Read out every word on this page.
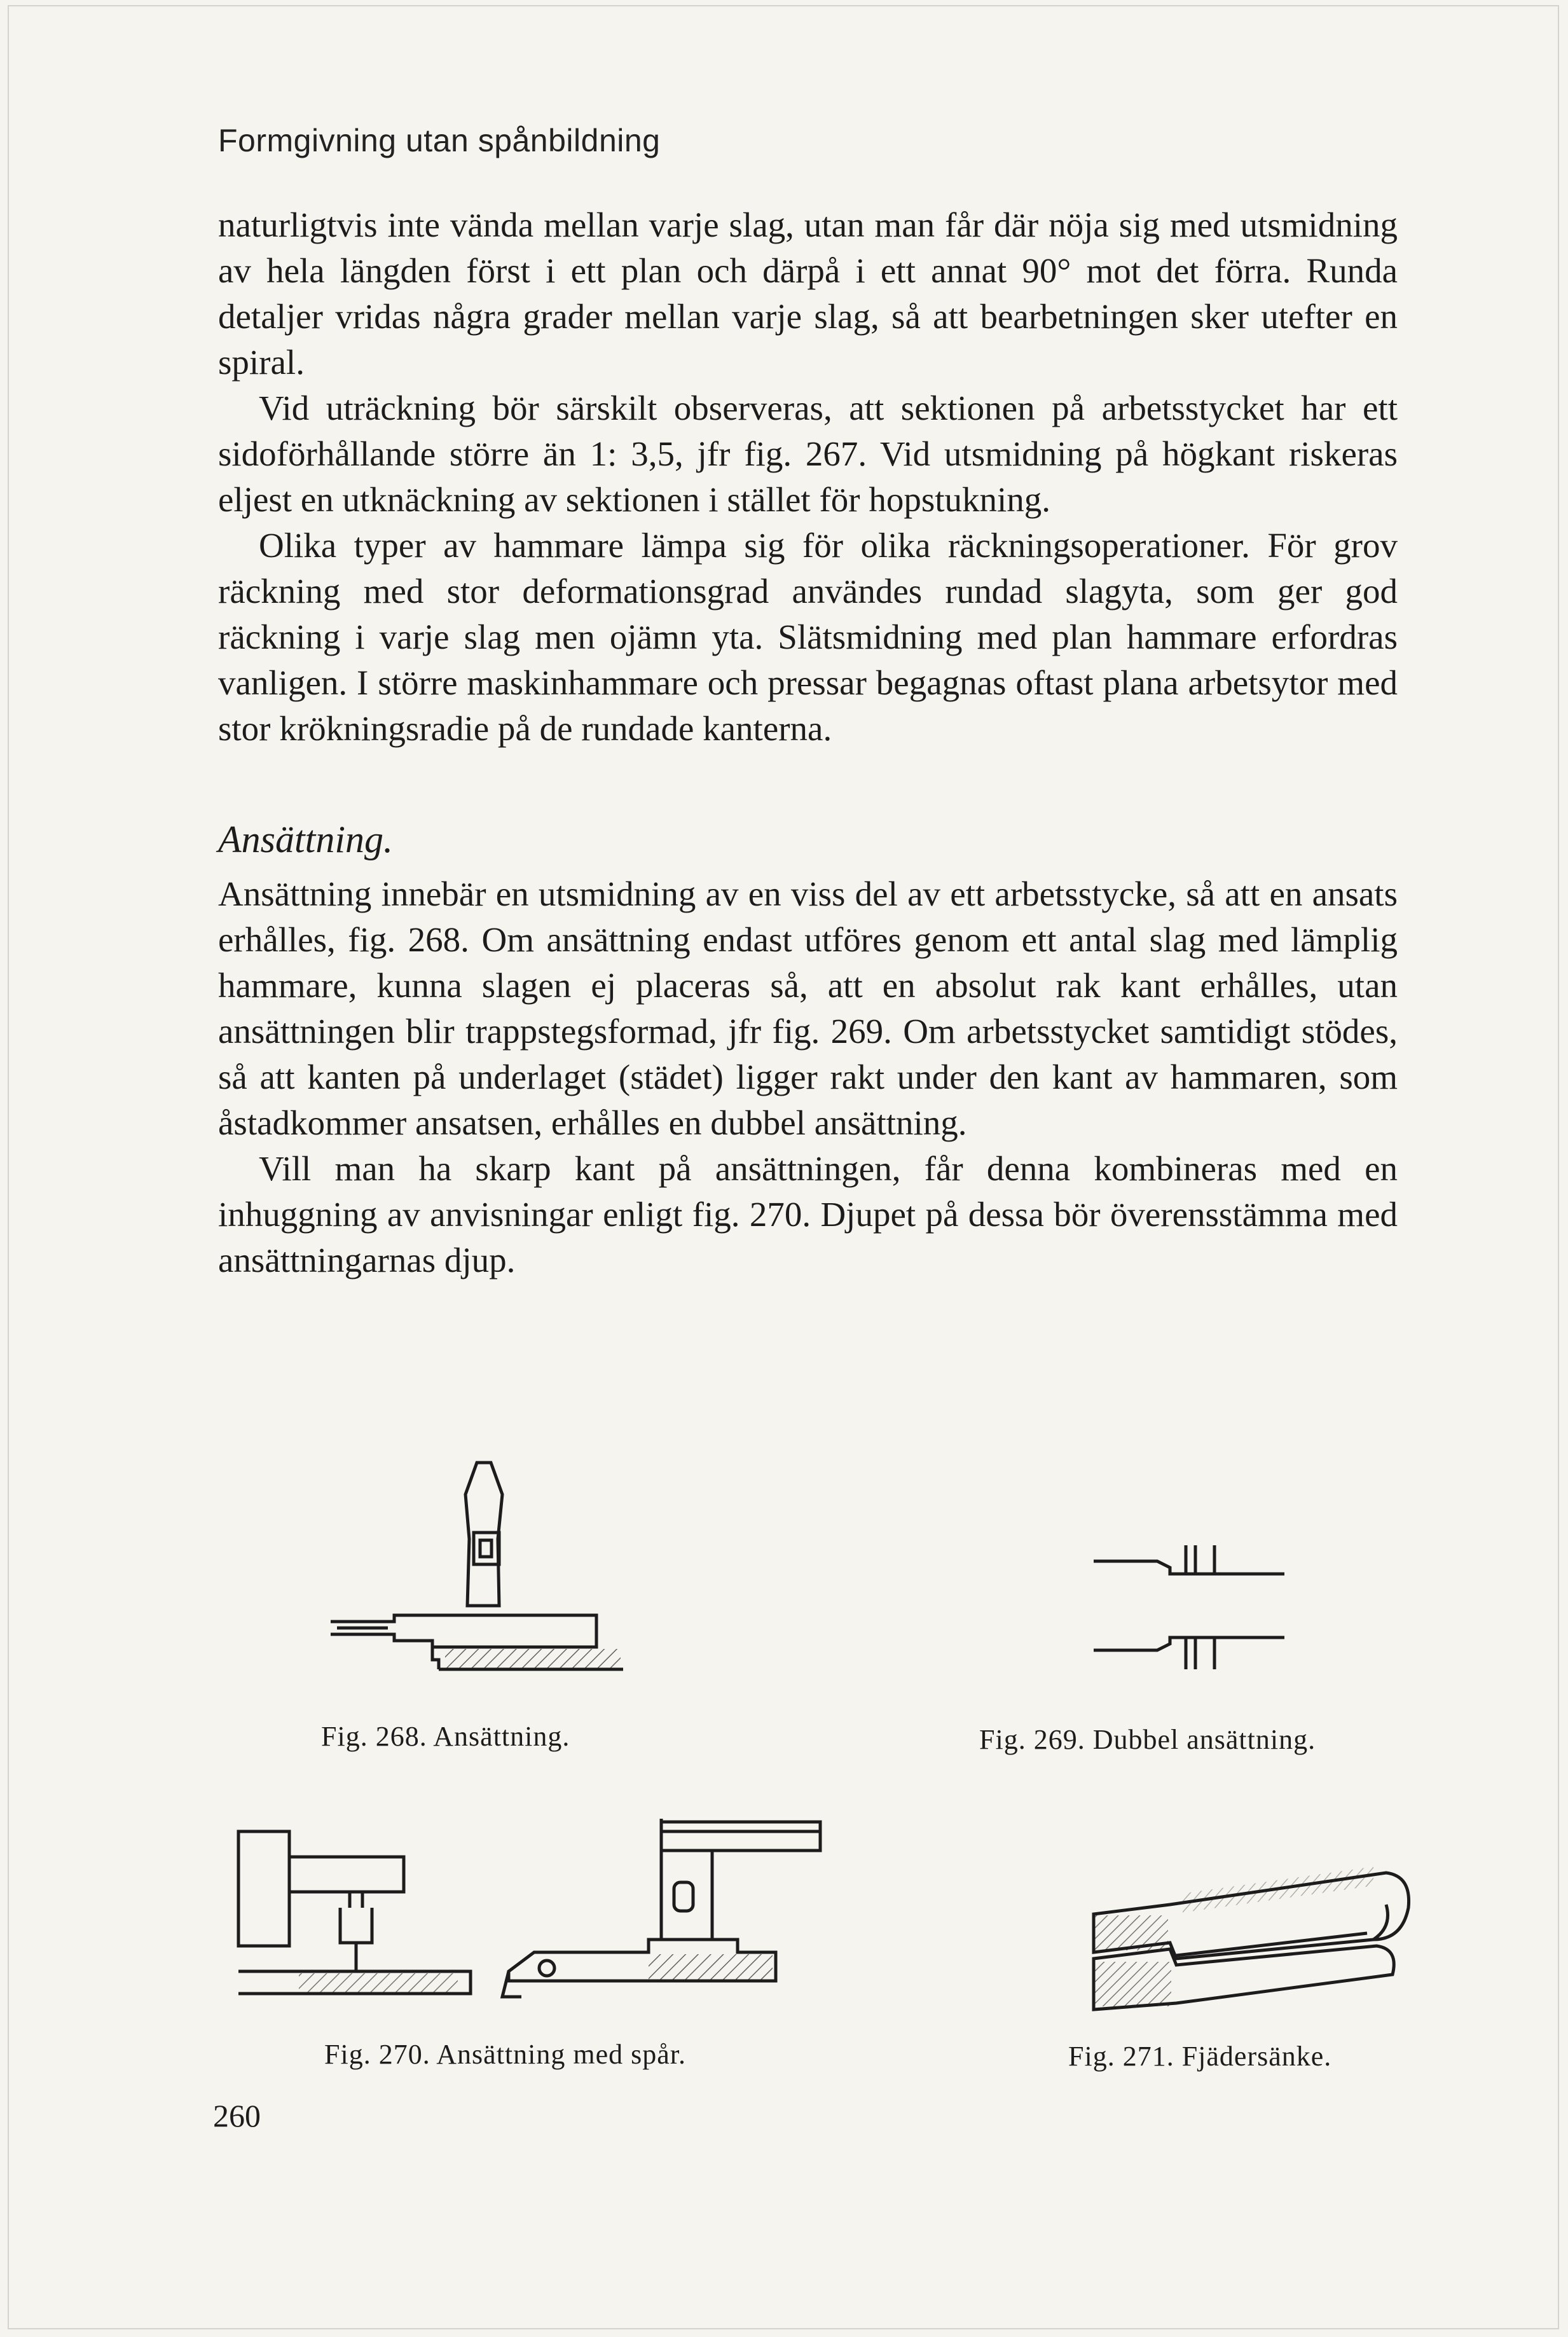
Formgivning utan spånbildning

naturligtvis inte vända mellan varje slag, utan man får där nöja sig med utsmidning av hela längden först i ett plan och därpå i ett annat 90° mot det förra. Runda detaljer vridas några grader mellan varje slag, så att bearbetningen sker utefter en spiral.

Vid uträckning bör särskilt observeras, att sektionen på arbetsstycket har ett sidoförhållande större än 1: 3,5, jfr fig. 267. Vid utsmidning på högkant riskeras eljest en utknäckning av sektionen i stället för hopstukning.

Olika typer av hammare lämpa sig för olika räckningsoperationer. För grov räckning med stor deformationsgrad användes rundad slagyta, som ger god räckning i varje slag men ojämn yta. Slätsmidning med plan hammare erfordras vanligen. I större maskinhammare och pressar begagnas oftast plana arbetsytor med stor krökningsradie på de rundade kanterna.

Ansättning.

Ansättning innebär en utsmidning av en viss del av ett arbetsstycke, så att en ansats erhålles, fig. 268. Om ansättning endast utföres genom ett antal slag med lämplig hammare, kunna slagen ej placeras så, att en absolut rak kant erhålles, utan ansättningen blir trappstegsformad, jfr fig. 269. Om arbetsstycket samtidigt stödes, så att kanten på underlaget (städet) ligger rakt under den kant av hammaren, som åstadkommer ansatsen, erhålles en dubbel ansättning.

Vill man ha skarp kant på ansättningen, får denna kombineras med en inhuggning av anvisningar enligt fig. 270. Djupet på dessa bör överensstämma med ansättningarnas djup.

Fig. 268. Ansättning.	Fig. 269. Dubbel ansättning.
Fig. 270. Ansättning med spår.	Fig. 271. Fjädersänke.
260
